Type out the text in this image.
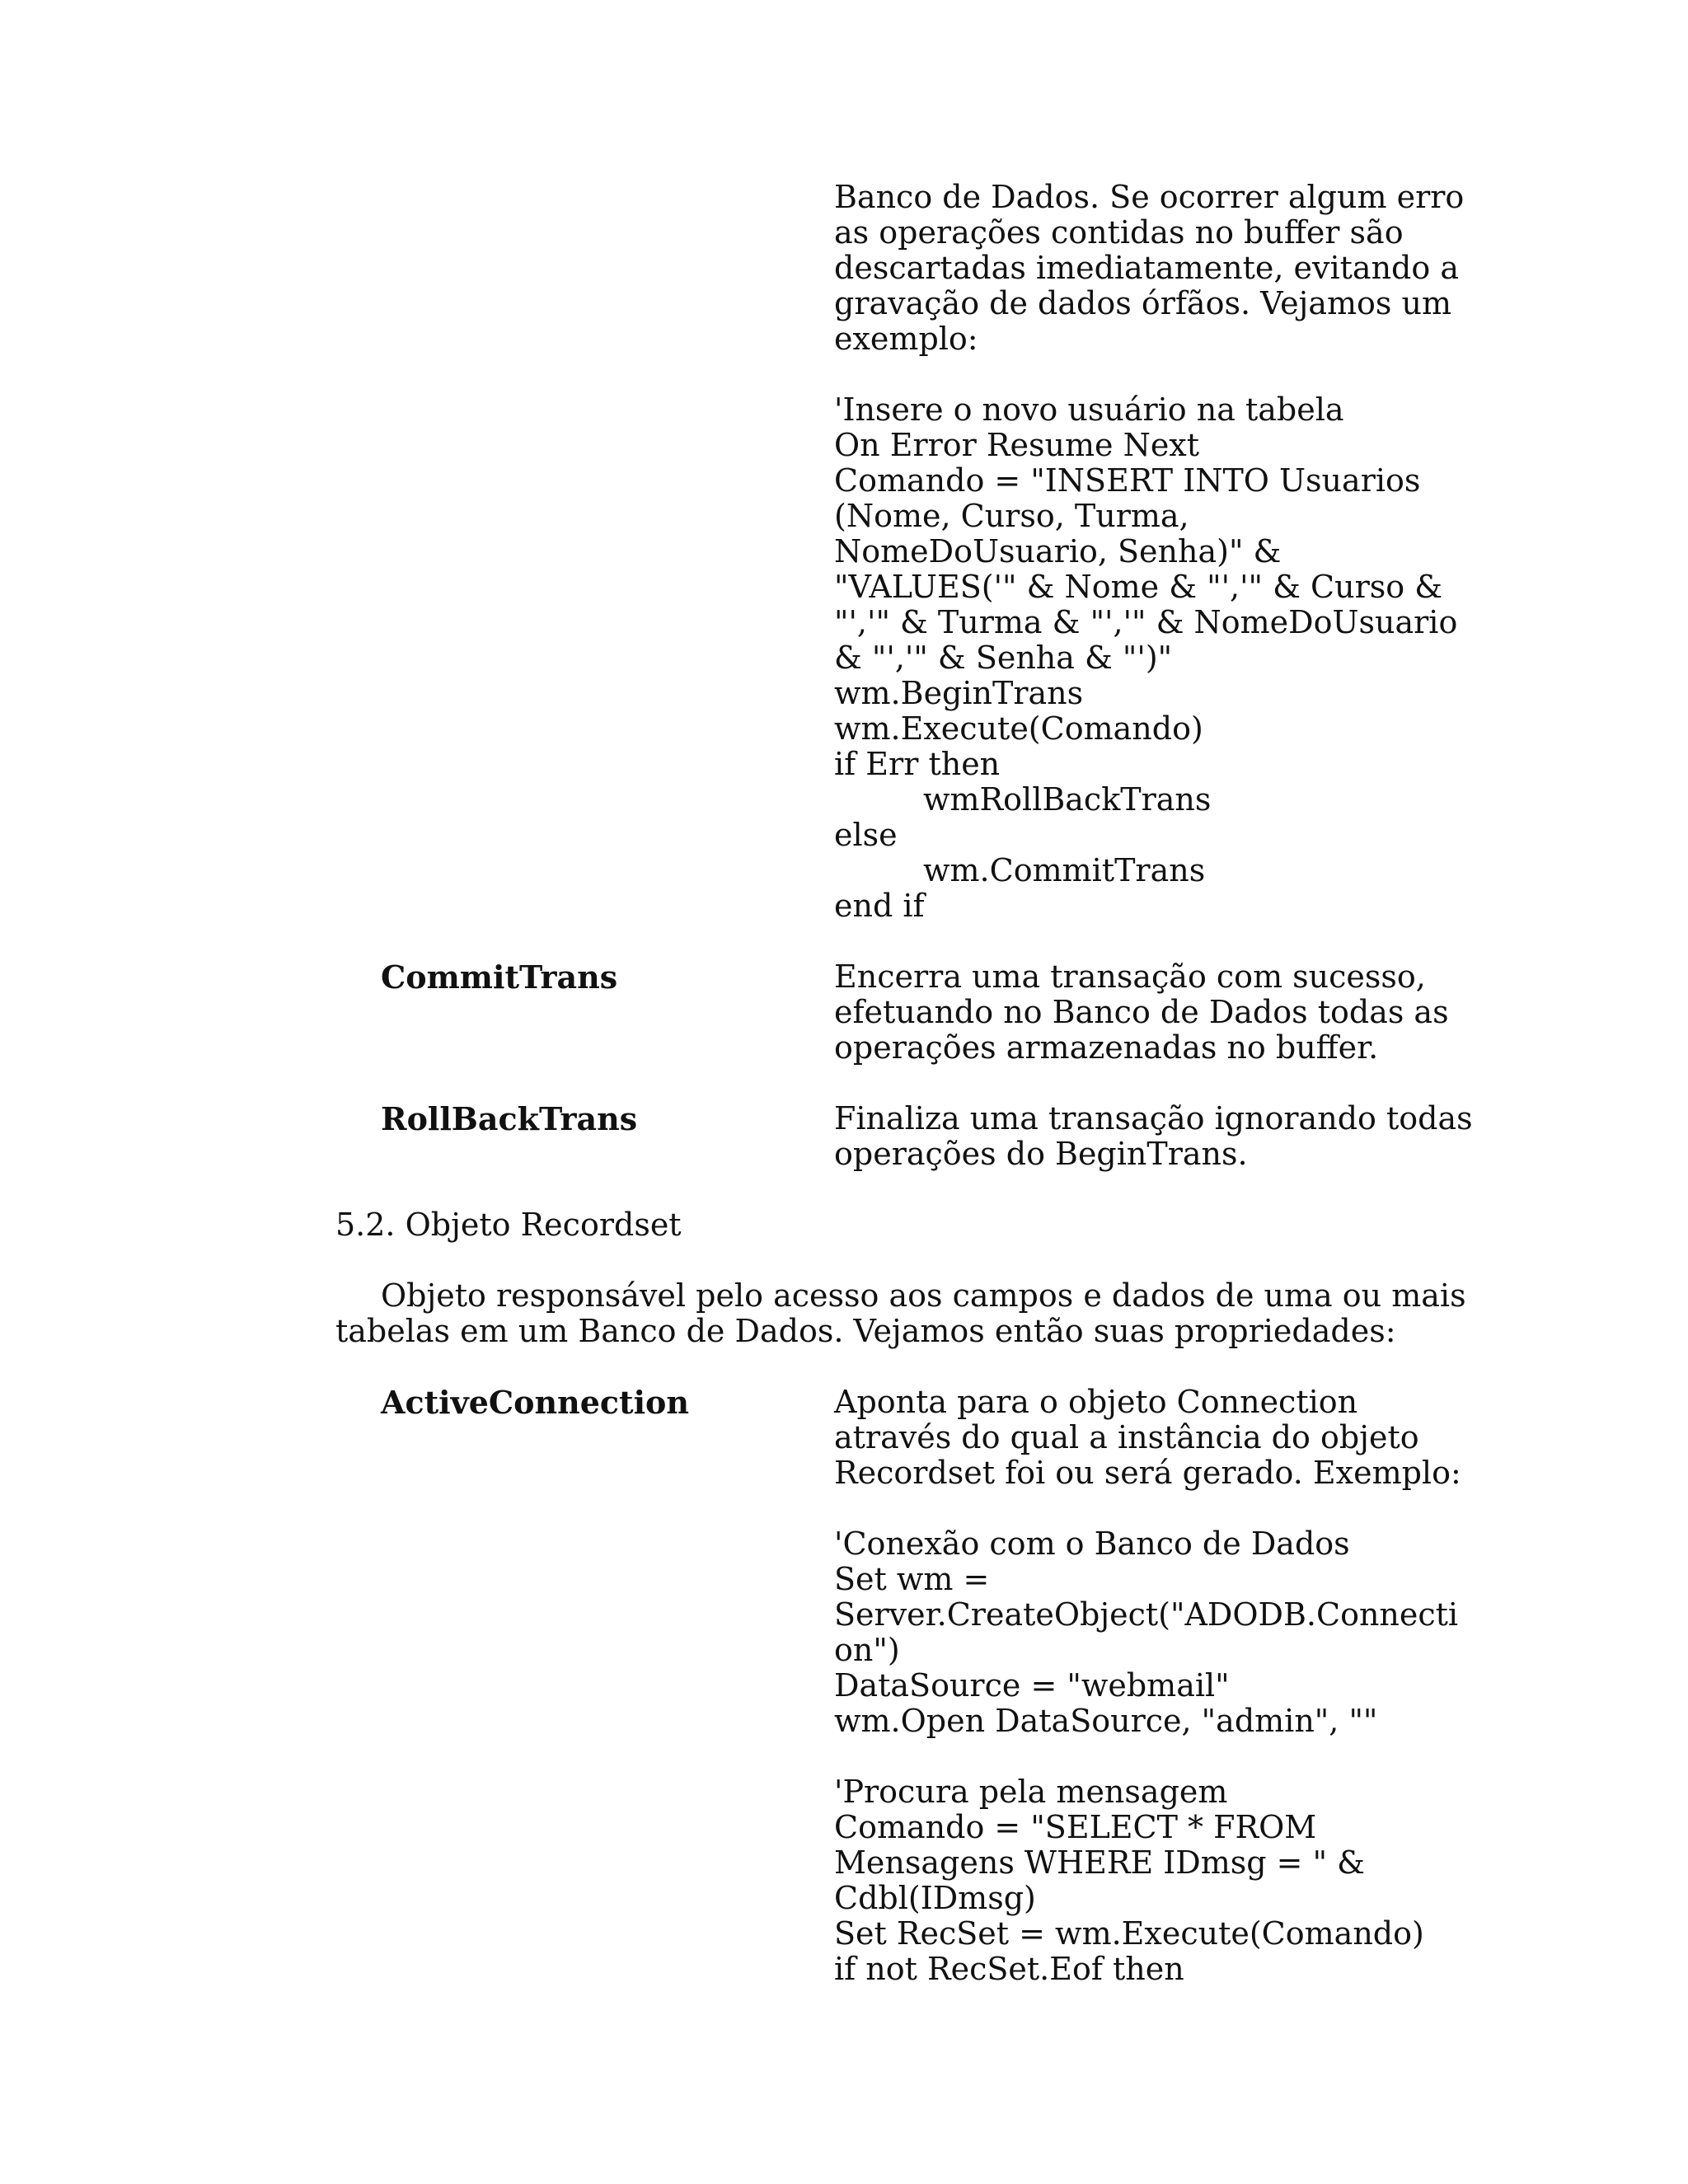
Banco de Dados. Se ocorrer algum erro
as operações contidas no buffer são
descartadas imediatamente, evitando a
gravação de dados órfãos. Vejamos um
exemplo:
'Insere o novo usuário na tabela
On Error Resume Next
Comando = "INSERT INTO Usuarios
(Nome, Curso, Turma,
NomeDoUsuario, Senha)" &
"VALUES('" & Nome & "','" & Curso &
"','" & Turma & "','" & NomeDoUsuario
& "','" & Senha & "')"
wm.BeginTrans
wm.Execute(Comando)
if Err then
wmRollBackTrans
else
wm.CommitTrans
end if
CommitTrans	Encerra uma transação com sucesso,
efetuando no Banco de Dados todas as
operações armazenadas no buffer.
RollBackTrans	Finaliza uma transação ignorando todas
operações do BeginTrans.
5.2. Objeto Recordset
Objeto responsável pelo acesso aos campos e dados de uma ou mais
tabelas em um Banco de Dados. Vejamos então suas propriedades:
ActiveConnection	Aponta para o objeto Connection
através do qual a instância do objeto
Recordset foi ou será gerado. Exemplo:
'Conexão com o Banco de Dados
Set wm =
Server.CreateObject("ADODB.Connecti
on")
DataSource = "webmail"
wm.Open DataSource, "admin", ""
'Procura pela mensagem
Comando = "SELECT * FROM
Mensagens WHERE IDmsg = " &
Cdbl(IDmsg)
Set RecSet = wm.Execute(Comando)
if not RecSet.Eof then
